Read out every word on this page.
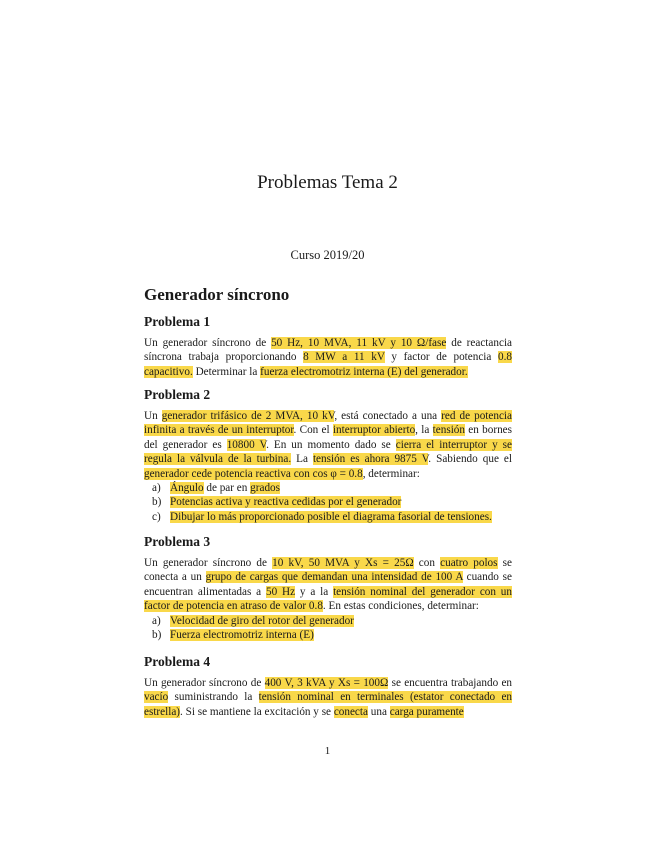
Problemas Tema 2
Curso 2019/20
Generador síncrono
Problema 1
Un generador síncrono de 50 Hz, 10 MVA, 11 kV y 10 Ω/fase de reactancia síncrona trabaja proporcionando 8 MW a 11 kV y factor de potencia 0.8 capacitivo. Determinar la fuerza electromotriz interna (E) del generador.
Problema 2
Un generador trifásico de 2 MVA, 10 kV, está conectado a una red de potencia infinita a través de un interruptor. Con el interruptor abierto, la tensión en bornes del generador es 10800 V. En un momento dado se cierra el interruptor y se regula la válvula de la turbina. La tensión es ahora 9875 V. Sabiendo que el generador cede potencia reactiva con cos φ = 0.8, determinar:
a) Ángulo de par en grados
b) Potencias activa y reactiva cedidas por el generador
c) Dibujar lo más proporcionado posible el diagrama fasorial de tensiones.
Problema 3
Un generador síncrono de 10 kV, 50 MVA y Xs = 25Ω con cuatro polos se conecta a un grupo de cargas que demandan una intensidad de 100 A cuando se encuentran alimentadas a 50 Hz y a la tensión nominal del generador con un factor de potencia en atraso de valor 0.8. En estas condiciones, determinar:
a) Velocidad de giro del rotor del generador
b) Fuerza electromotriz interna (E)
Problema 4
Un generador síncrono de 400 V, 3 kVA y Xs = 100Ω se encuentra trabajando en vacío suministrando la tensión nominal en terminales (estator conectado en estrella). Si se mantiene la excitación y se conecta una carga puramente
1
